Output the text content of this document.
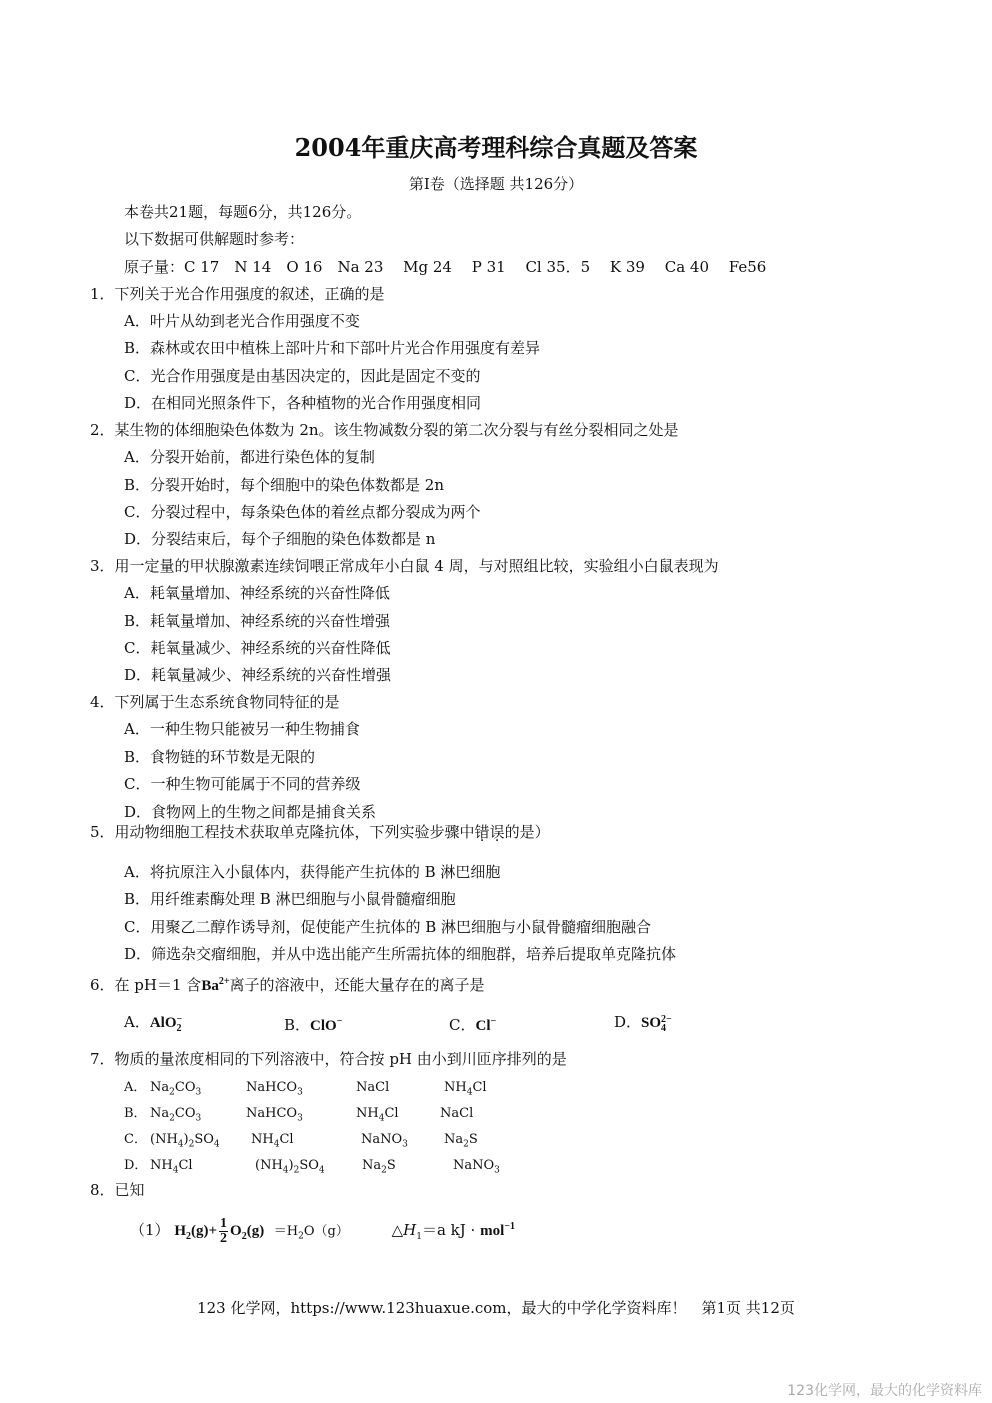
2004年重庆高考理科综合真题及答案
第Ⅰ卷（选择题 共126分）
本卷共21题，每题6分，共126分。
以下数据可供解题时参考：
原子量：C 17　N 14　O 16　Na 23　 Mg 24　 P 31　 Cl 35．5　 K 39　 Ca 40　 Fe56
1．下列关于光合作用强度的叙述，正确的是
A．叶片从幼到老光合作用强度不变
B．森林或农田中植株上部叶片和下部叶片光合作用强度有差异
C．光合作用强度是由基因决定的，因此是固定不变的
D．在相同光照条件下，各种植物的光合作用强度相同
2．某生物的体细胞染色体数为 2n。该生物减数分裂的第二次分裂与有丝分裂相同之处是
A．分裂开始前，都进行染色体的复制
B．分裂开始时，每个细胞中的染色体数都是 2n
C．分裂过程中，每条染色体的着丝点都分裂成为两个
D．分裂结束后，每个子细胞的染色体数都是 n
3．用一定量的甲状腺激素连续饲喂正常成年小白鼠 4 周，与对照组比较，实验组小白鼠表现为
A．耗氧量增加、神经系统的兴奋性降低
B．耗氧量增加、神经系统的兴奋性增强
C．耗氧量减少、神经系统的兴奋性降低
D．耗氧量减少、神经系统的兴奋性增强
4．下列属于生态系统食物同特征的是
A．一种生物只能被另一种生物捕食
B．食物链的环节数是无限的
C．一种生物可能属于不同的营养级
D．食物网上的生物之间都是捕食关系
5．用动物细胞工程技术获取单克隆抗体，下列实验步骤中错误的是）
A．将抗原注入小鼠体内，获得能产生抗体的 B 淋巴细胞
B．用纤维素酶处理 B 淋巴细胞与小鼠骨髓瘤细胞
C．用聚乙二醇作诱导剂，促使能产生抗体的 B 淋巴细胞与小鼠骨髓瘤细胞融合
D．筛选杂交瘤细胞，并从中选出能产生所需抗体的细胞群，培养后提取单克隆抗体
6．在 pH＝1 含$Ba^{2+}$离子的溶液中，还能大量存在的离子是
A．AlO −
2	B．ClO−	C．Cl−	D．SO 2−
4
7．物质的量浓度相同的下列溶液中，符合按 pH 由小到川匝序排列的是
A． $Na_2CO_3$	NaHCO$_3$	NaCl	$NH_4Cl$
B． $Na_2CO_3$	NaHCO$_3$	$NH_4Cl$	NaCl
C． $(NH_4)_2SO_4$ $NH_4Cl$	NaNO$_3$	$Na_2S$
D． $NH_4Cl$	$(NH_4)_2SO_4$	$Na_2S$	NaNO$_3$
8．已知
（1） $H_2(g)+ \frac{1}{2} O_2(g) =H_2O(g)$	$\triangle H_1=a$ kJ · mol$^{-1}$
123 化学网，https://www.123huaxue.com，最大的中学化学资料库！　第1页 共12页
123化学网，最大的化学资料库
